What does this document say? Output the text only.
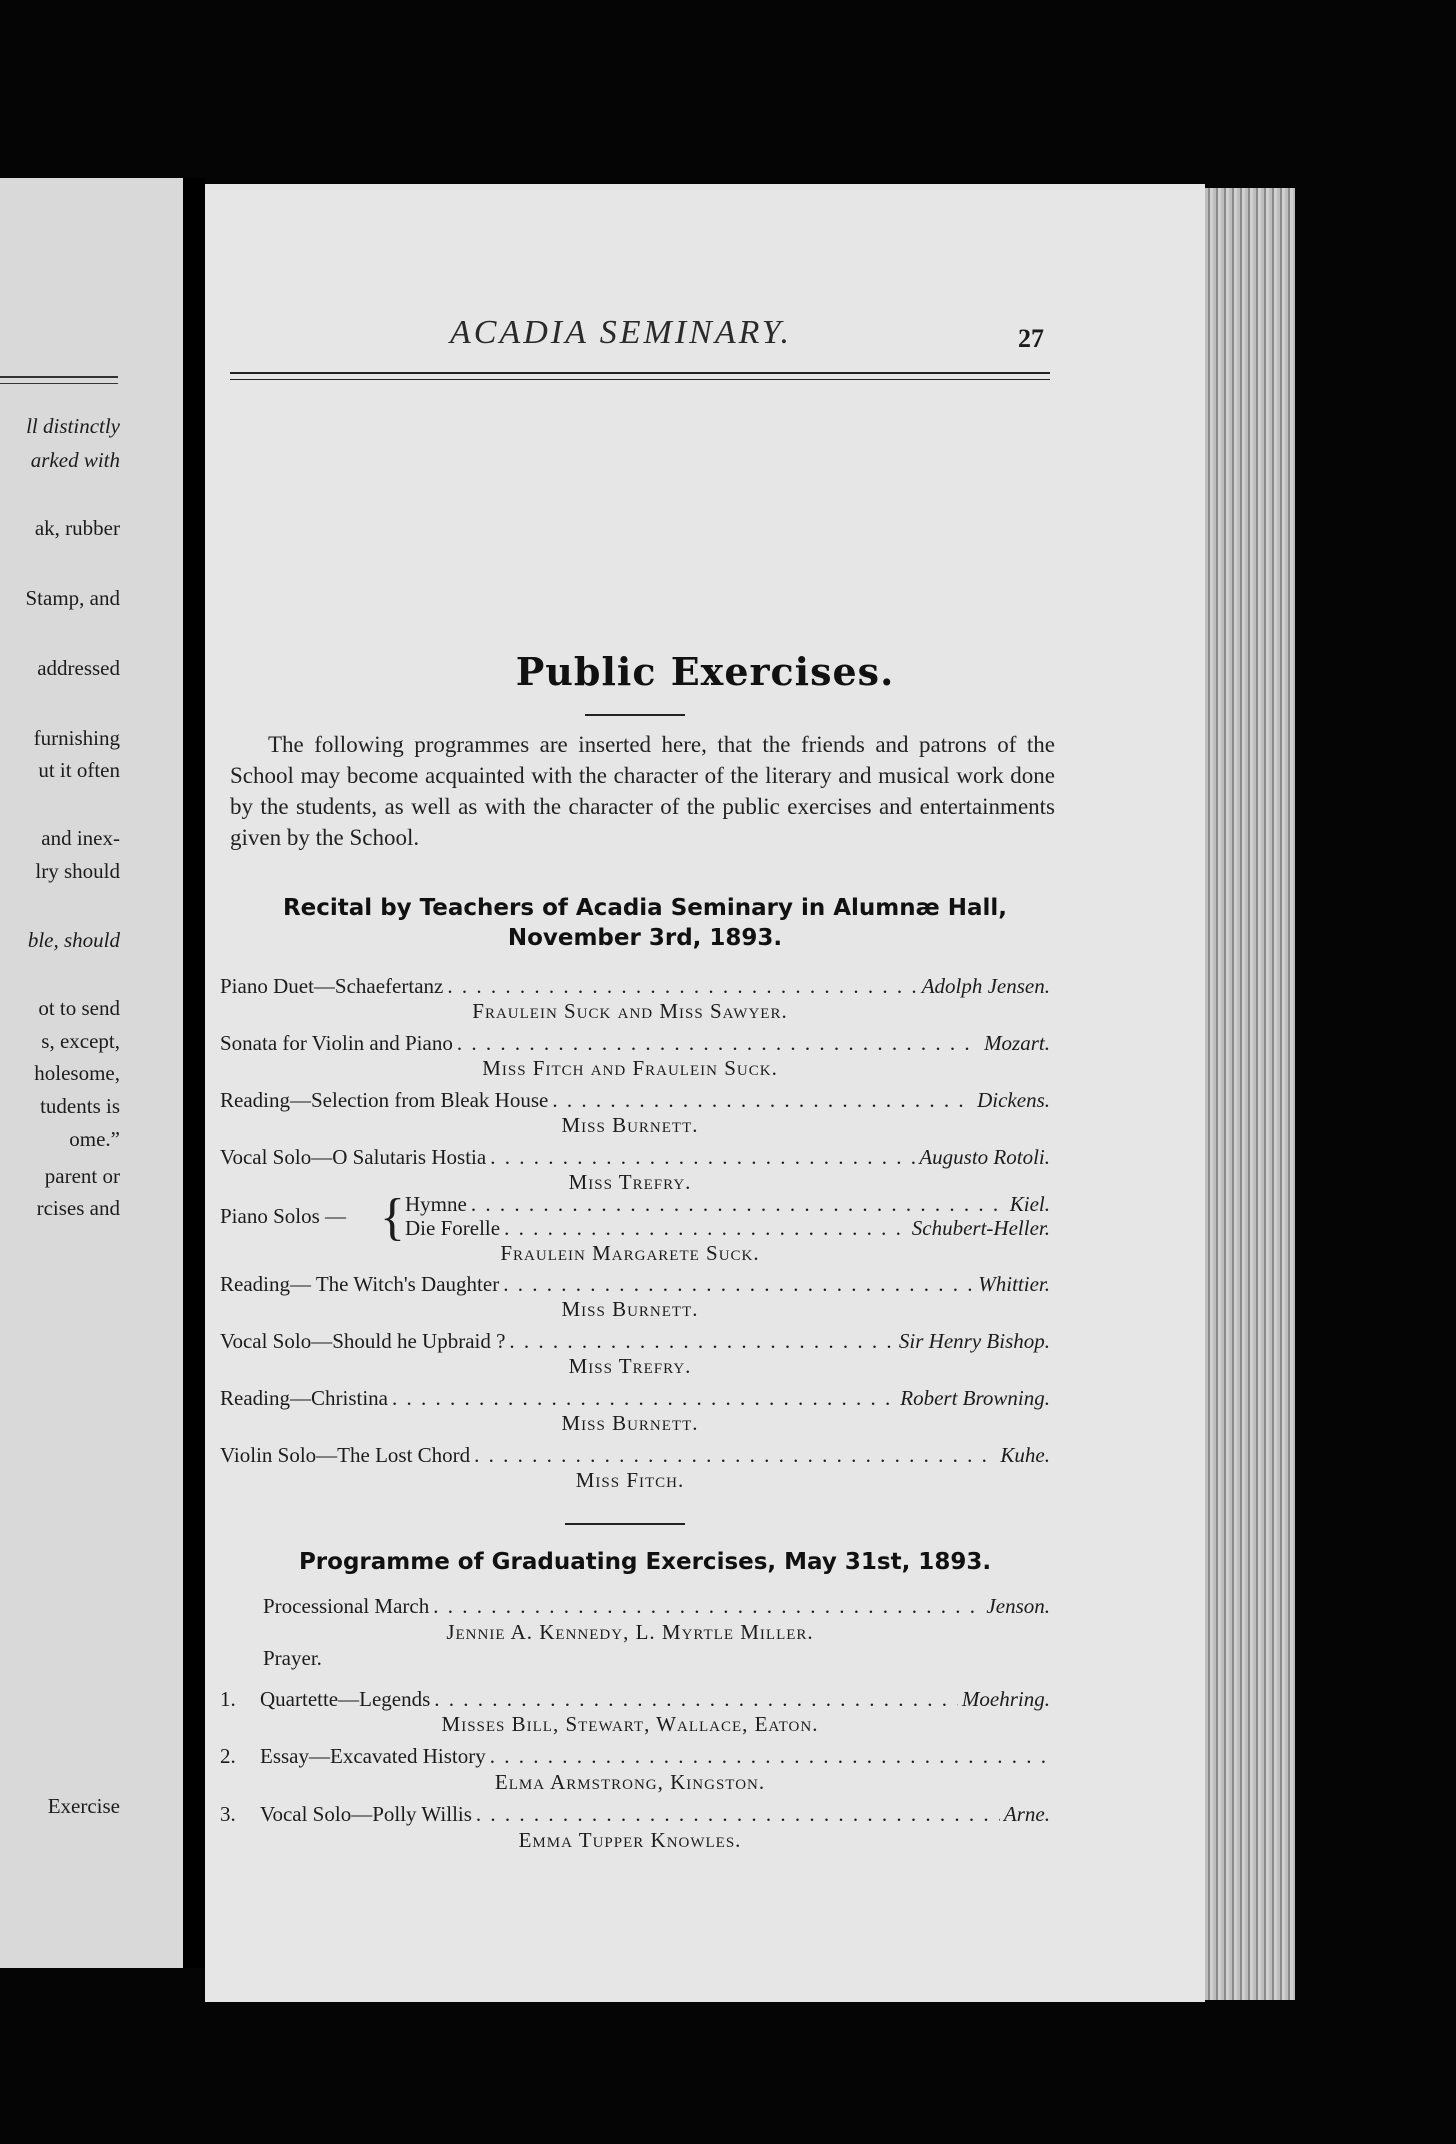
ll distinctly
arked with
ak, rubber
Stamp, and
addressed
furnishing
ut it often
and inex-
lry should
ble, should
ot to send
s, except,
holesome,
tudents is
ome.”
parent or
rcises and
Exercise
ACADIA SEMINARY.	27
Public Exercises.
The following programmes are inserted here, that the friends and patrons of the School may become acquainted with the character of the literary and musical work done by the students, as well as with the character of the public exercises and entertainments given by the School.
Recital by Teachers of Acadia Seminary in Alumnæ Hall,
November 3rd, 1893.
Piano Duet—Schaefertanz . . .	Adolph Jensen.
Fraulein Suck and Miss Sawyer.
Sonata for Violin and Piano . . .	Mozart.
Miss Fitch and Fraulein Suck.
Reading—Selection from Bleak House . . .	Dickens.
Miss Burnett.
Vocal Solo—O Salutaris Hostia . . .	Augusto Rotoli.
Miss Trefry.
Piano Solos — { Hymne . . .	Kiel.
Die Forelle . . .	Schubert-Heller.
Fraulein Margarete Suck.
Reading— The Witch's Daughter . . .	Whittier.
Miss Burnett.
Vocal Solo—Should he Upbraid ? . . .	Sir Henry Bishop.
Miss Trefry.
Reading—Christina . . .	Robert Browning.
Miss Burnett.
Violin Solo—The Lost Chord . . .	Kuhe.
Miss Fitch.
Programme of Graduating Exercises, May 31st, 1893.
Processional March . . .	Jenson.
Jennie A. Kennedy, L. Myrtle Miller.
Prayer.
1.	Quartette—Legends . . .	Moehring.
Misses Bill, Stewart, Wallace, Eaton.
2.	Essay—Excavated History
. . .
Elma Armstrong, Kingston.
3.	Vocal Solo—Polly Willis . . .	Arne.
Emma Tupper Knowles.
